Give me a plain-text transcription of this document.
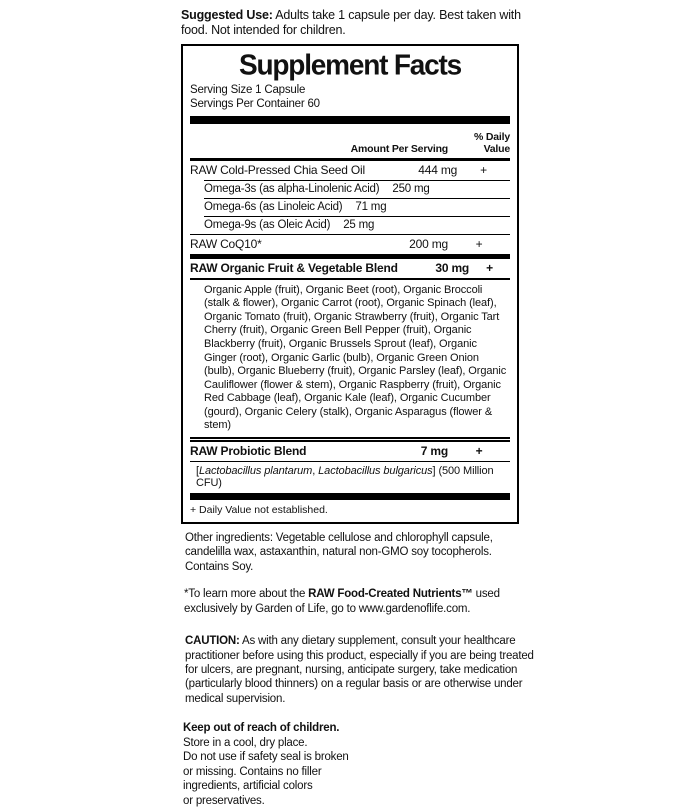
Suggested Use: Adults take 1 capsule per day. Best taken with food. Not intended for children.
Supplement Facts
Serving Size 1 Capsule
Servings Per Container 60
Amount Per Serving
% Daily Value
RAW Cold-Pressed Chia Seed Oil	444 mg	+
Omega-3s (as alpha-Linolenic Acid) 250 mg
Omega-6s (as Linoleic Acid) 71 mg
Omega-9s (as Oleic Acid) 25 mg
RAW CoQ10*	200 mg	+
RAW Organic Fruit & Vegetable Blend	30 mg	+
Organic Apple (fruit), Organic Beet (root), Organic Broccoli (stalk & flower), Organic Carrot (root), Organic Spinach (leaf), Organic Tomato (fruit), Organic Strawberry (fruit), Organic Tart Cherry (fruit), Organic Green Bell Pepper (fruit), Organic Blackberry (fruit), Organic Brussels Sprout (leaf), Organic Ginger (root), Organic Garlic (bulb), Organic Green Onion (bulb), Organic Blueberry (fruit), Organic Parsley (leaf), Organic Cauliflower (flower & stem), Organic Raspberry (fruit), Organic Red Cabbage (leaf), Organic Kale (leaf), Organic Cucumber (gourd), Organic Celery (stalk), Organic Asparagus (flower & stem)
RAW Probiotic Blend	7 mg	+
[Lactobacillus plantarum, Lactobacillus bulgaricus] (500 Million CFU)
+ Daily Value not established.
Other ingredients: Vegetable cellulose and chlorophyll capsule, candelilla wax, astaxanthin, natural non-GMO soy tocopherols. Contains Soy.
*To learn more about the RAW Food-Created Nutrients™ used exclusively by Garden of Life, go to www.gardenoflife.com.
CAUTION: As with any dietary supplement, consult your healthcare practitioner before using this product, especially if you are being treated for ulcers, are pregnant, nursing, anticipate surgery, take medication (particularly blood thinners) on a regular basis or are otherwise under medical supervision.
Keep out of reach of children.
Store in a cool, dry place.
Do not use if safety seal is broken
or missing. Contains no filler
ingredients, artificial colors
or preservatives.
